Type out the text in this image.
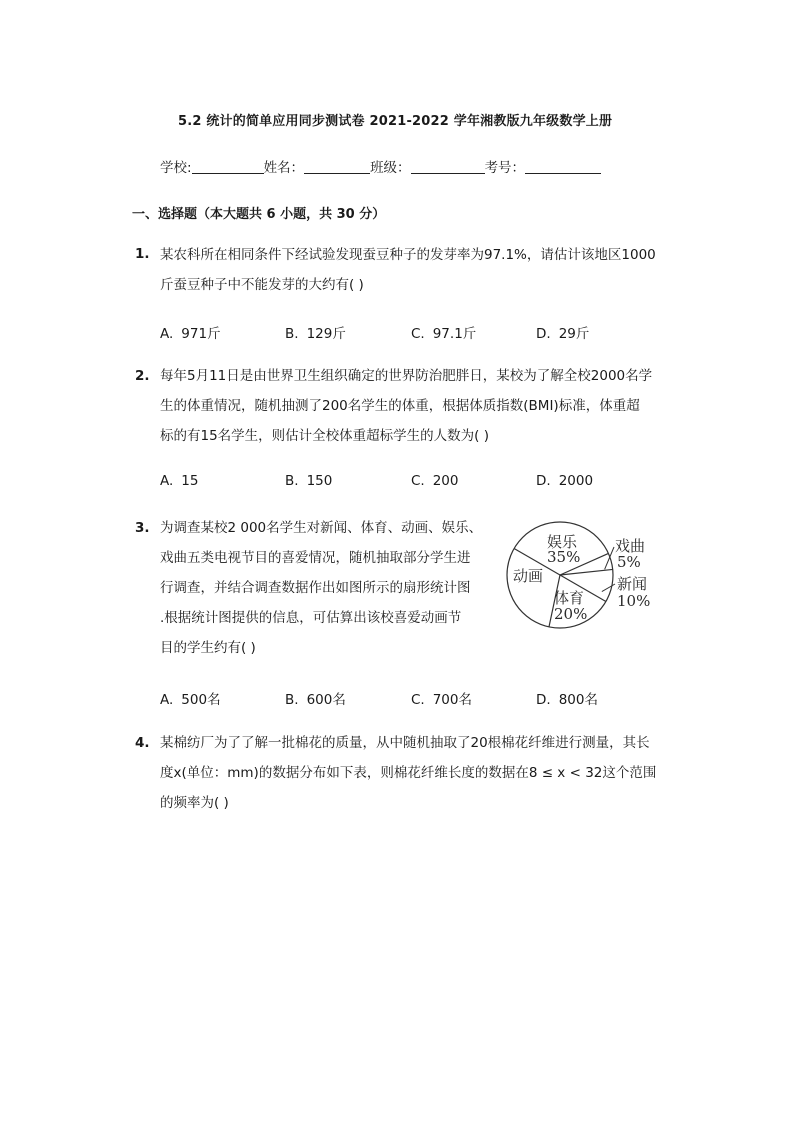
5.2 统计的简单应用同步测试卷 2021-2022 学年湘教版九年级数学上册
学校:	姓名：	班级：	考号：
一、选择题（本大题共 6 小题，共 30 分）
1. 某农科所在相同条件下经试验发现蚕豆种子的发芽率为97.1%，请估计该地区1000
斤蚕豆种子中不能发芽的大约有( )
A. 971斤	B. 129斤	C. 97.1斤	D. 29斤
2. 每年5月11日是由世界卫生组织确定的世界防治肥胖日，某校为了解全校2000名学
生的体重情况，随机抽测了200名学生的体重，根据体质指数(BMI)标准，体重超
标的有15名学生，则估计全校体重超标学生的人数为( )
A. 15	B. 150	C. 200	D. 2000
3. 为调查某校2 000名学生对新闻、体育、动画、娱乐、
戏曲五类电视节目的喜爱情况，随机抽取部分学生进
行调查，并结合调查数据作出如图所示的扇形统计图
.根据统计图提供的信息，可估算出该校喜爱动画节
目的学生约有( )
娱乐
35%
戏曲
5%
新闻
10%
体育
20%
动画
A. 500名	B. 600名	C. 700名	D. 800名
4. 某棉纺厂为了了解一批棉花的质量，从中随机抽取了20根棉花纤维进行测量，其长
度x(单位：mm)的数据分布如下表，则棉花纤维长度的数据在8 ≤ x < 32这个范围
的频率为( )
